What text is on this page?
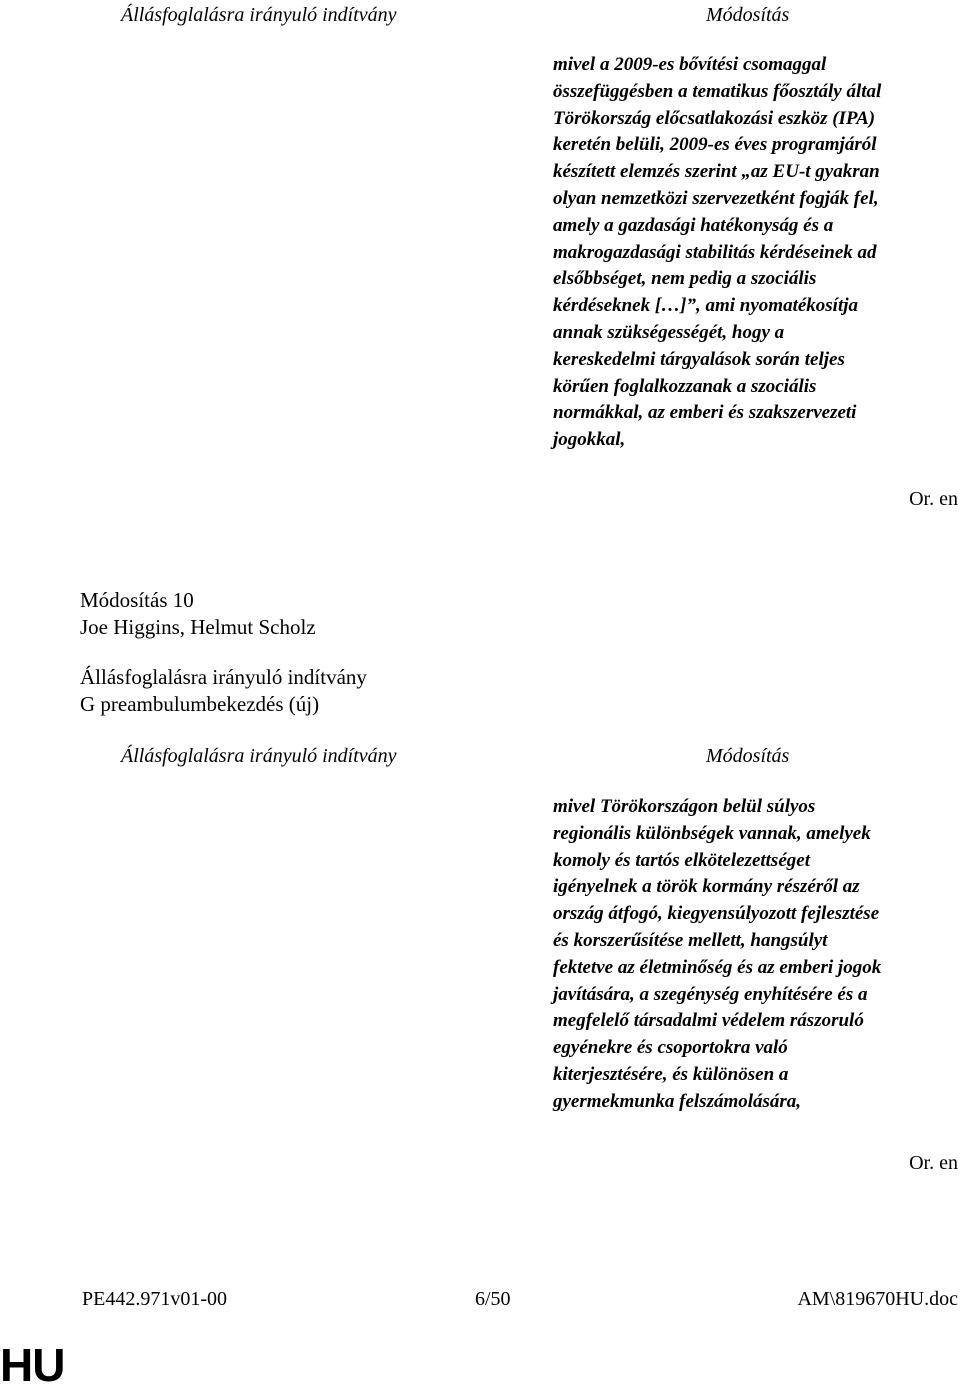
Állásfoglalásra irányuló indítvány	Módosítás
mivel a 2009-es bővítési csomaggal
összefüggésben a tematikus főosztály által
Törökország előcsatlakozási eszköz (IPA)
keretén belüli, 2009-es éves programjáról
készített elemzés szerint „az EU-t gyakran
olyan nemzetközi szervezetként fogják fel,
amely a gazdasági hatékonyság és a
makrogazdasági stabilitás kérdéseinek ad
elsőbbséget, nem pedig a szociális
kérdéseknek […]”, ami nyomatékosítja
annak szükségességét, hogy a
kereskedelmi tárgyalások során teljes
körűen foglalkozzanak a szociális
normákkal, az emberi és szakszervezeti
jogokkal,
Or. en
Módosítás 10
Joe Higgins, Helmut Scholz
Állásfoglalásra irányuló indítvány
G preambulumbekezdés (új)
Állásfoglalásra irányuló indítvány	Módosítás
mivel Törökországon belül súlyos
regionális különbségek vannak, amelyek
komoly és tartós elkötelezettséget
igényelnek a török kormány részéről az
ország átfogó, kiegyensúlyozott fejlesztése
és korszerűsítése mellett, hangsúlyt
fektetve az életminőség és az emberi jogok
javítására, a szegénység enyhítésére és a
megfelelő társadalmi védelem rászoruló
egyénekre és csoportokra való
kiterjesztésére, és különösen a
gyermekmunka felszámolására,
Or. en
PE442.971v01-00	6/50	AM\819670HU.doc
HU
